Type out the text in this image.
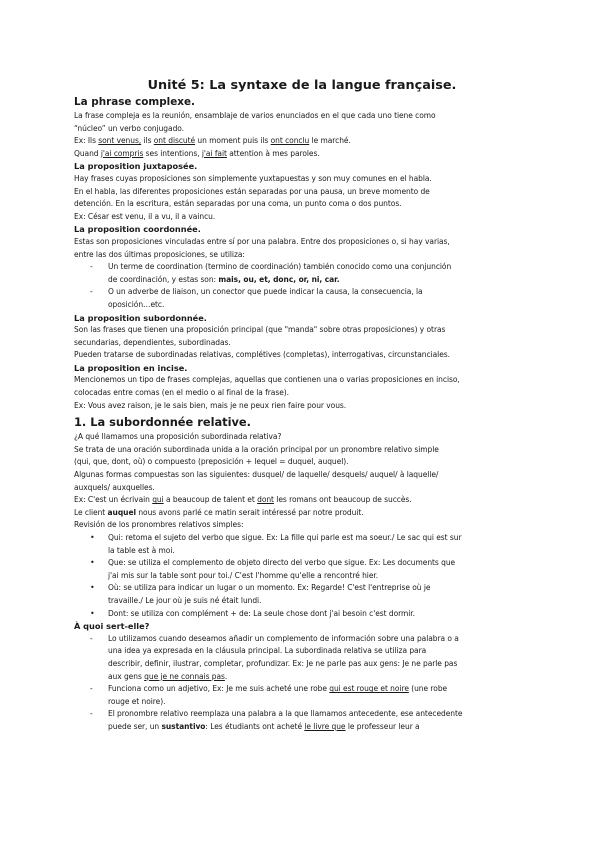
Unité 5: La syntaxe de la langue française.
La phrase complexe.

La frase compleja es la reunión, ensamblaje de varios enunciados en el que cada uno tiene como

“núcleo” un verbo conjugado.

Ex: Ils sont venus, ils ont discuté un moment puis ils ont conclu le marché.

Quand j'ai compris ses intentions, j'ai fait attention à mes paroles.

La proposition juxtaposée.

Hay frases cuyas proposiciones son simplemente yuxtapuestas y son muy comunes en el habla.

En el habla, las diferentes proposiciones están separadas por una pausa, un breve momento de

detención. En la escritura, están separadas por una coma, un punto coma o dos puntos.

Ex: César est venu, il a vu, il a vaincu.

La proposition coordonnée.

Estas son proposiciones vinculadas entre sí por una palabra. Entre dos proposiciones o, si hay varias,

entre las dos últimas proposiciones, se utiliza:

- Un terme de coordination (termino de coordinación) también conocido como una conjunción
de coordinación, y estas son: mais, ou, et, donc, or, ni, car.
- O un adverbe de liaison, un conector que puede indicar la causa, la consecuencia, la
oposición…etc.
La proposition subordonnée.

Son las frases que tienen una proposición principal (que "manda" sobre otras proposiciones) y otras

secundarias, dependientes, subordinadas.

Pueden tratarse de subordinadas relativas, complétives (completas), interrogativas, circunstanciales.

La proposition en incise.

Mencionemos un tipo de frases complejas, aquellas que contienen una o varias proposiciones en inciso,

colocadas entre comas (en el medio o al final de la frase).

Ex: Vous avez raison, je le sais bien, mais je ne peux rien faire pour vous.

1. La subordonnée relative.

¿A qué llamamos una proposición subordinada relativa?

Se trata de una oración subordinada unida a la oración principal por un pronombre relativo simple

(qui, que, dont, où) o compuesto (preposición + lequel = duquel, auquel).

Algunas formas compuestas son las siguientes: dusquel/ de laquelle/ desquels/ auquel/ à laquelle/

auxquels/ auxquelles.

Ex: C'est un écrivain qui a beaucoup de talent et dont les romans ont beaucoup de succès.

Le client auquel nous avons parlé ce matin serait intéressé par notre produit.

Revisión de los pronombres relativos simples:

• Qui: retoma el sujeto del verbo que sigue. Ex: La fille qui parle est ma soeur./ Le sac qui est sur
la table est à moi.
• Que: se utiliza el complemento de objeto directo del verbo que sigue. Ex: Les documents que
j'ai mis sur la table sont pour toi./ C'est l'homme qu'elle a rencontré hier.
• Où: se utiliza para indicar un lugar o un momento. Ex: Regarde! C'est l'entreprise où je
travaille./ Le jour où je suis né était lundi.
• Dont: se utiliza con complément + de: La seule chose dont j'ai besoin c'est dormir.
À quoi sert-elle?
- Lo utilizamos cuando deseamos añadir un complemento de información sobre una palabra o a
una idea ya expresada en la cláusula principal. La subordinada relativa se utiliza para
describir, definir, ilustrar, completar, profundizar. Ex: Je ne parle pas aux gens: Je ne parle pas
aux gens que je ne connais pas.
- Funciona como un adjetivo, Ex: Je me suis acheté une robe qui est rouge et noire (une robe
rouge et noire).
- El pronombre relativo reemplaza una palabra a la que llamamos antecedente, ese antecedente
puede ser, un sustantivo: Les étudiants ont acheté le livre que le professeur leur a
